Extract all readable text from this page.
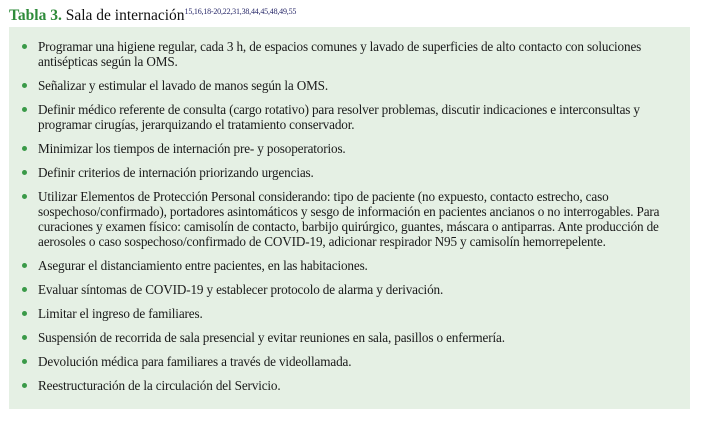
Tabla 3. Sala de internación$^{15,16,18-20,22,31,38,44,45,48,49,55}$
Programar una higiene regular, cada 3 h, de espacios comunes y lavado de superficies de alto contacto con soluciones antisépticas según la OMS.
Señalizar y estimular el lavado de manos según la OMS.
Definir médico referente de consulta (cargo rotativo) para resolver problemas, discutir indicaciones e interconsultas y programar cirugías, jerarquizando el tratamiento conservador.
Minimizar los tiempos de internación pre- y posoperatorios.
Definir criterios de internación priorizando urgencias.
Utilizar Elementos de Protección Personal considerando: tipo de paciente (no expuesto, contacto estrecho, caso sospechoso/confirmado), portadores asintomáticos y sesgo de información en pacientes ancianos o no interrogables. Para curaciones y examen físico: camisolín de contacto, barbijo quirúrgico, guantes, máscara o antiparras. Ante producción de aerosoles o caso sospechoso/confirmado de COVID-19, adicionar respirador N95 y camisolín hemorrepelente.
Asegurar el distanciamiento entre pacientes, en las habitaciones.
Evaluar síntomas de COVID-19 y establecer protocolo de alarma y derivación.
Limitar el ingreso de familiares.
Suspensión de recorrida de sala presencial y evitar reuniones en sala, pasillos o enfermería.
Devolución médica para familiares a través de videollamada.
Reestructuración de la circulación del Servicio.
